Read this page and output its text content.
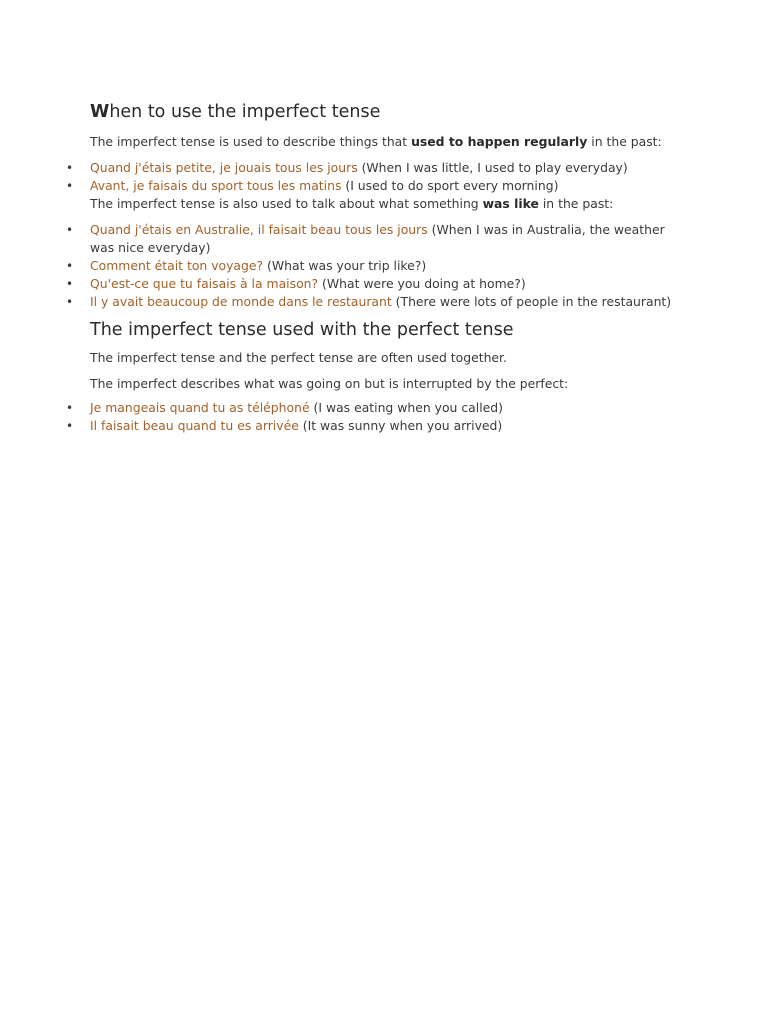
When to use the imperfect tense

The imperfect tense is used to describe things that used to happen regularly in the past:

• Quand j'étais petite, je jouais tous les jours (When I was little, I used to play everyday)
• Avant, je faisais du sport tous les matins (I used to do sport every morning)

The imperfect tense is also used to talk about what something was like in the past:

• Quand j'étais en Australie, il faisait beau tous les jours (When I was in Australia, the weather was nice everyday)
• Comment était ton voyage? (What was your trip like?)
• Qu'est-ce que tu faisais à la maison? (What were you doing at home?)
• Il y avait beaucoup de monde dans le restaurant (There were lots of people in the restaurant)
The imperfect tense used with the perfect tense

The imperfect tense and the perfect tense are often used together.

The imperfect describes what was going on but is interrupted by the perfect:

• Je mangeais quand tu as téléphoné (I was eating when you called)
• Il faisait beau quand tu es arrivée (It was sunny when you arrived)
